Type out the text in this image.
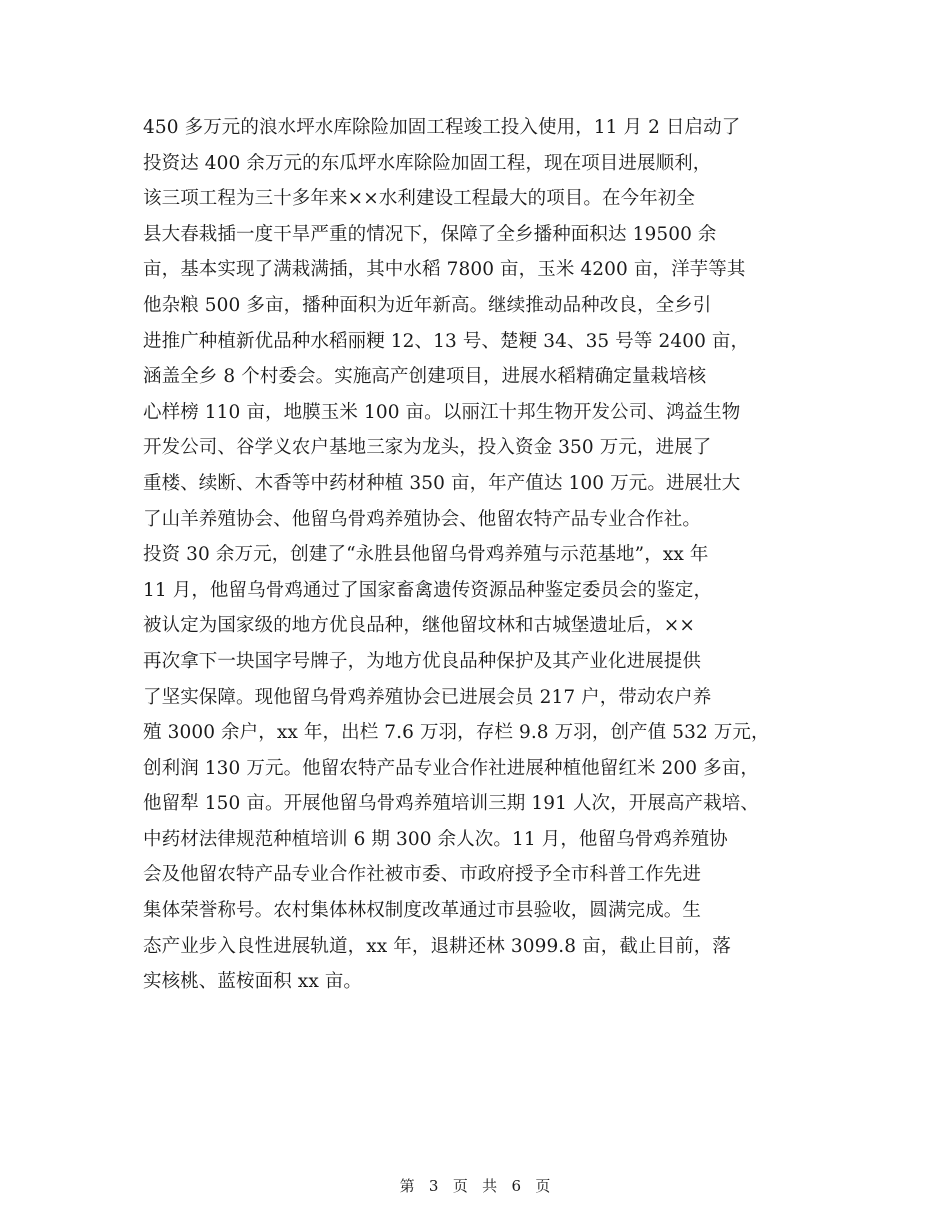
450 多万元的浪水坪水库除险加固工程竣工投入使用，11 月 2 日启动了
投资达 400 余万元的东瓜坪水库除险加固工程，现在项目进展顺利，
该三项工程为三十多年来××水利建设工程最大的项目。在今年初全
县大春栽插一度干旱严重的情况下，保障了全乡播种面积达 19500 余
亩，基本实现了满栽满插，其中水稻 7800 亩，玉米 4200 亩，洋芋等其
他杂粮 500 多亩，播种面积为近年新高。继续推动品种改良，全乡引
进推广种植新优品种水稻丽粳 12、13 号、楚粳 34、35 号等 2400 亩，
涵盖全乡 8 个村委会。实施高产创建项目，进展水稻精确定量栽培核
心样榜 110 亩，地膜玉米 100 亩。以丽江十邦生物开发公司、鸿益生物
开发公司、谷学义农户基地三家为龙头，投入资金 350 万元，进展了
重楼、续断、木香等中药材种植 350 亩，年产值达 100 万元。进展壮大
了山羊养殖协会、他留乌骨鸡养殖协会、他留农特产品专业合作社。
投资 30 余万元，创建了“永胜县他留乌骨鸡养殖与示范基地”，xx 年
11 月，他留乌骨鸡通过了国家畜禽遗传资源品种鉴定委员会的鉴定，
被认定为国家级的地方优良品种，继他留坟林和古城堡遗址后，××
再次拿下一块国字号牌子，为地方优良品种保护及其产业化进展提供
了坚实保障。现他留乌骨鸡养殖协会已进展会员 217 户，带动农户养
殖 3000 余户，xx 年，出栏 7.6 万羽，存栏 9.8 万羽，创产值 532 万元，
创利润 130 万元。他留农特产品专业合作社进展种植他留红米 200 多亩，
他留犁 150 亩。开展他留乌骨鸡养殖培训三期 191 人次，开展高产栽培、
中药材法律规范种植培训 6 期 300 余人次。11 月，他留乌骨鸡养殖协
会及他留农特产品专业合作社被市委、市政府授予全市科普工作先进
集体荣誉称号。农村集体林权制度改革通过市县验收，圆满完成。生
态产业步入良性进展轨道，xx 年，退耕还林 3099.8 亩，截止目前，落
实核桃、蓝桉面积 xx 亩。
第 3 页 共 6 页
